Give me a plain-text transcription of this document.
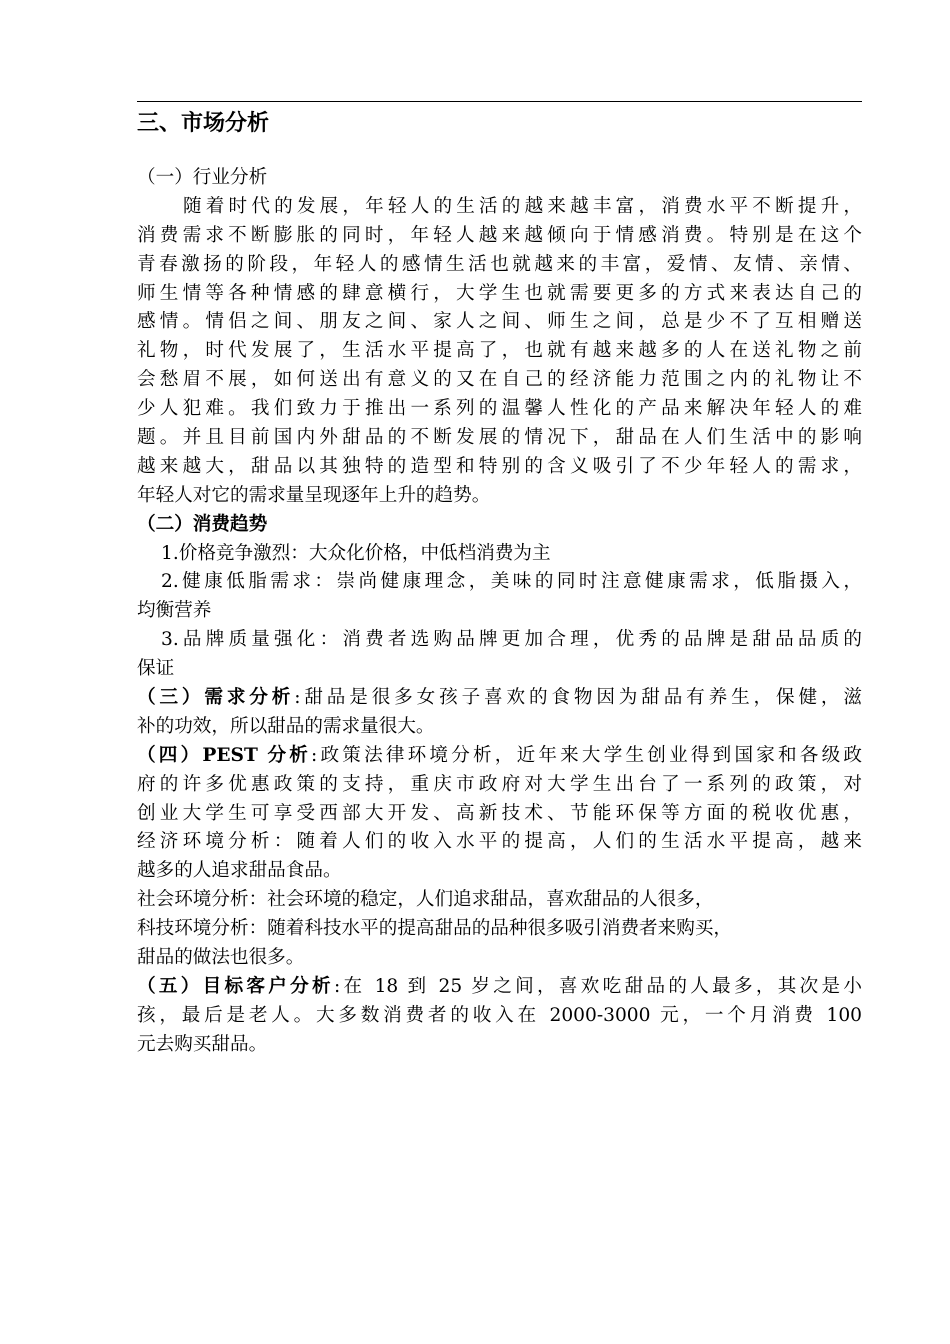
三、市场分析
（一）行业分析
随着时代的发展，年轻人的生活的越来越丰富，消费水平不断提升，
消费需求不断膨胀的同时，年轻人越来越倾向于情感消费。特别是在这个
青春激扬的阶段，年轻人的感情生活也就越来的丰富，爱情、友情、亲情、
师生情等各种情感的肆意横行，大学生也就需要更多的方式来表达自己的
感情。情侣之间、朋友之间、家人之间、师生之间，总是少不了互相赠送
礼物，时代发展了，生活水平提高了，也就有越来越多的人在送礼物之前
会愁眉不展，如何送出有意义的又在自己的经济能力范围之内的礼物让不
少人犯难。我们致力于推出一系列的温馨人性化的产品来解决年轻人的难
题。并且目前国内外甜品的不断发展的情况下，甜品在人们生活中的影响
越来越大，甜品以其独特的造型和特别的含义吸引了不少年轻人的需求，
年轻人对它的需求量呈现逐年上升的趋势。
（二）消费趋势
1.价格竞争激烈：大众化价格，中低档消费为主
2.健康低脂需求：崇尚健康理念，美味的同时注意健康需求，低脂摄入，
均衡营养
3.品牌质量强化：消费者选购品牌更加合理，优秀的品牌是甜品品质的
保证
（三）需求分析:甜品是很多女孩子喜欢的食物因为甜品有养生，保健，滋
补的功效，所以甜品的需求量很大。
（四）PEST 分析:政策法律环境分析，近年来大学生创业得到国家和各级政
府的许多优惠政策的支持，重庆市政府对大学生出台了一系列的政策，对
创业大学生可享受西部大开发、高新技术、节能环保等方面的税收优惠，
经济环境分析：随着人们的收入水平的提高，人们的生活水平提高，越来
越多的人追求甜品食品。
社会环境分析：社会环境的稳定，人们追求甜品，喜欢甜品的人很多，
科技环境分析：随着科技水平的提高甜品的品种很多吸引消费者来购买，
甜品的做法也很多。
（五）目标客户分析:在 18 到 25 岁之间，喜欢吃甜品的人最多，其次是小
孩，最后是老人。大多数消费者的收入在 2000-3000 元，一个月消费 100
元去购买甜品。
